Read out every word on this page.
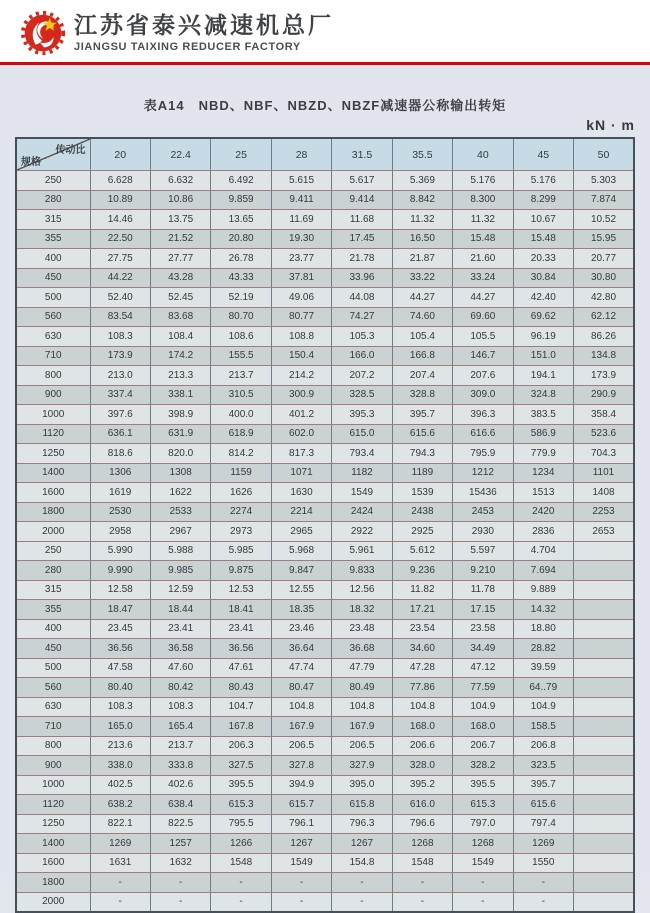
江苏省泰兴减速机总厂
JIANGSU TAIXING REDUCER FACTORY
表A14　NBD、NBF、NBZD、NBZF减速器公称输出转矩
kN · m
传动比
规格	20	22.4	25	28	31.5	35.5	40	45	50
250	6.628	6.632	6.492	5.615	5.617	5.369	5.176	5.176	5.303
280	10.89	10.86	9.859	9.411	9.414	8.842	8.300	8.299	7.874
315	14.46	13.75	13.65	11.69	11.68	11.32	11.32	10.67	10.52
355	22.50	21.52	20.80	19.30	17.45	16.50	15.48	15.48	15.95
400	27.75	27.77	26.78	23.77	21.78	21.87	21.60	20.33	20.77
450	44.22	43.28	43.33	37.81	33.96	33.22	33.24	30.84	30.80
500	52.40	52.45	52.19	49.06	44.08	44.27	44.27	42.40	42.80
560	83.54	83.68	80.70	80.77	74.27	74.60	69.60	69.62	62.12
630	108.3	108.4	108.6	108.8	105.3	105.4	105.5	96.19	86.26
710	173.9	174.2	155.5	150.4	166.0	166.8	146.7	151.0	134.8
800	213.0	213.3	213.7	214.2	207.2	207.4	207.6	194.1	173.9
900	337.4	338.1	310.5	300.9	328.5	328.8	309.0	324.8	290.9
1000	397.6	398.9	400.0	401.2	395.3	395.7	396.3	383.5	358.4
1120	636.1	631.9	618.9	602.0	615.0	615.6	616.6	586.9	523.6
1250	818.6	820.0	814.2	817.3	793.4	794.3	795.9	779.9	704.3
1400	1306	1308	1159	1071	1182	1189	1212	1234	1101
1600	1619	1622	1626	1630	1549	1539	15436	1513	1408
1800	2530	2533	2274	2214	2424	2438	2453	2420	2253
2000	2958	2967	2973	2965	2922	2925	2930	2836	2653
250	5.990	5.988	5.985	5.968	5.961	5.612	5.597	4.704	
280	9.990	9.985	9.875	9.847	9.833	9.236	9.210	7.694	
315	12.58	12.59	12.53	12.55	12.56	11.82	11.78	9.889	
355	18.47	18.44	18.41	18.35	18.32	17.21	17.15	14.32	
400	23.45	23.41	23.41	23.46	23.48	23.54	23.58	18.80	
450	36.56	36.58	36.56	36.64	36.68	34.60	34.49	28.82	
500	47.58	47.60	47.61	47.74	47.79	47.28	47.12	39.59	
560	80.40	80.42	80.43	80.47	80.49	77.86	77.59	64..79	
630	108.3	108.3	104.7	104.8	104.8	104.8	104.9	104.9	
710	165.0	165.4	167.8	167.9	167.9	168.0	168.0	158.5	
800	213.6	213.7	206.3	206.5	206.5	206.6	206.7	206.8	
900	338.0	333.8	327.5	327.8	327.9	328.0	328.2	323.5	
1000	402.5	402.6	395.5	394.9	395.0	395.2	395.5	395.7	
1120	638.2	638.4	615.3	615.7	615.8	616.0	615.3	615.6	
1250	822.1	822.5	795.5	796.1	796.3	796.6	797.0	797.4	
1400	1269	1257	1266	1267	1267	1268	1268	1269	
1600	1631	1632	1548	1549	154.8	1548	1549	1550	
1800	-	-	-	-	-	-	-	-	
2000	-	-	-	-	-	-	-	-	
